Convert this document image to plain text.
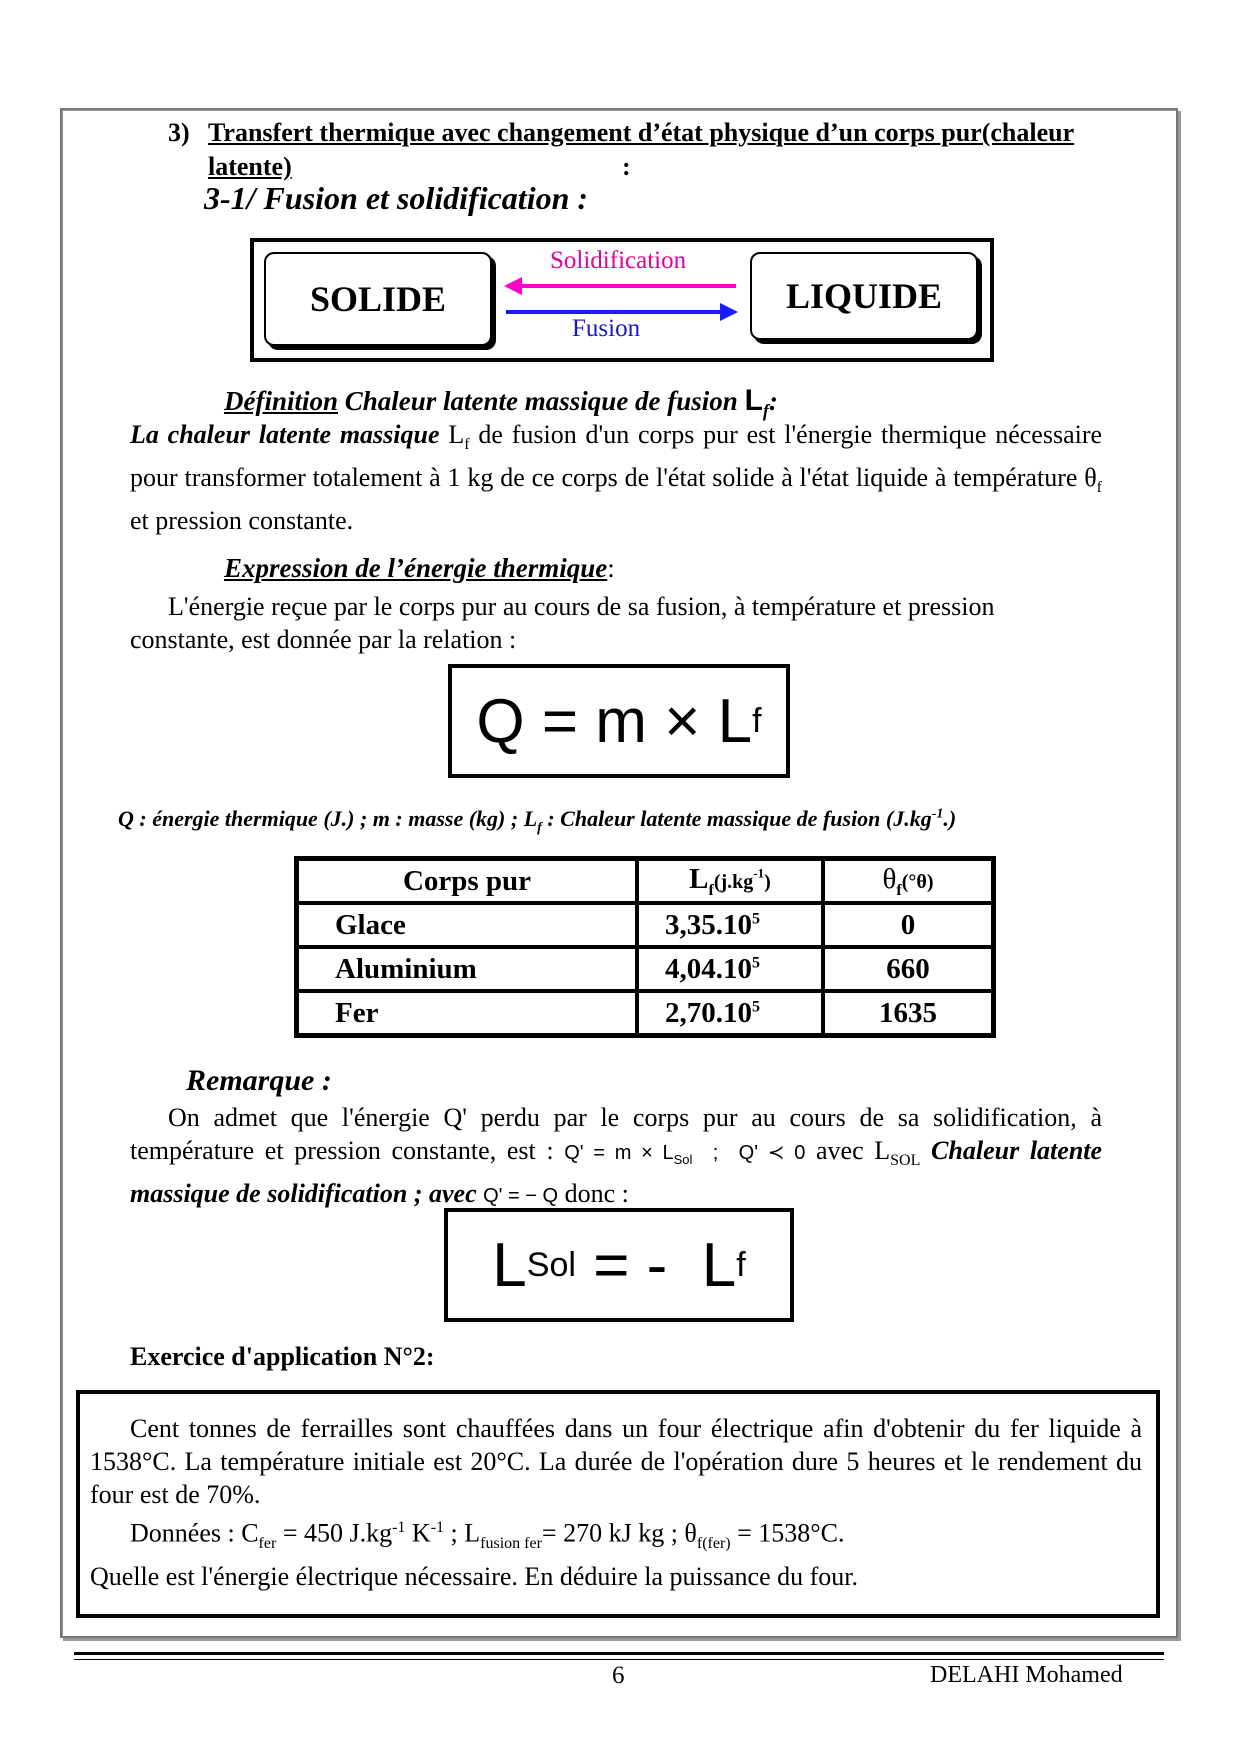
3) Transfert thermique avec changement d’état physique d’un corps pur(chaleur latente)	:
3-1/ Fusion et solidification :
SOLIDE	LIQUIDE
Solidification
Fusion
Définition Chaleur latente massique de fusion $L_f$:
La chaleur latente massique $L_f$ de fusion d'un corps pur est l'énergie thermique nécessaire pour transformer totalement à 1 kg de ce corps de l'état solide à l'état liquide à température $\theta_f$ et pression constante.
Expression de l’énergie thermique:
L'énergie reçue par le corps pur au cours de sa fusion, à température et pression constante, est donnée par la relation :
Q = m × L f
Q : énergie thermique (J.) ; m : masse (kg) ; $L_f$ : Chaleur latente massique de fusion $(J.kg^{-1}.)$
Corps pur	$L_f(j.kg^{-1})$	$\theta_f(^\circ\theta)$
Glace	3,35.10$^5$	0
Aluminium	4,04.10$^5$	660
Fer	2,70.10$^5$	1635
Remarque :
On admet que l'énergie Q' perdu par le corps pur au cours de sa solidification, à température et pression constante, est : $Q' = m \times L_{Sol}$  ;  Q' ≺ 0 avec $L_{SOL}$ Chaleur latente massique de solidification ; avec Q' = − Q donc :
L Sol = -  L f
Exercice d'application N°2:
Cent tonnes de ferrailles sont chauffées dans un four électrique afin d'obtenir du fer liquide à 1538°C. La température initiale est 20°C. La durée de l'opération dure 5 heures et le rendement du four est de 70%.
Données : $C_{fer} = 450$ $J.kg^{-1}$ $K^{-1}$ ; $L_{fusion fer}= 270$ kJ kg ; $\theta_{f(fer)} = 1538^\circ C$.
Quelle est l'énergie électrique nécessaire. En déduire la puissance du four.
6	DELAHI Mohamed
